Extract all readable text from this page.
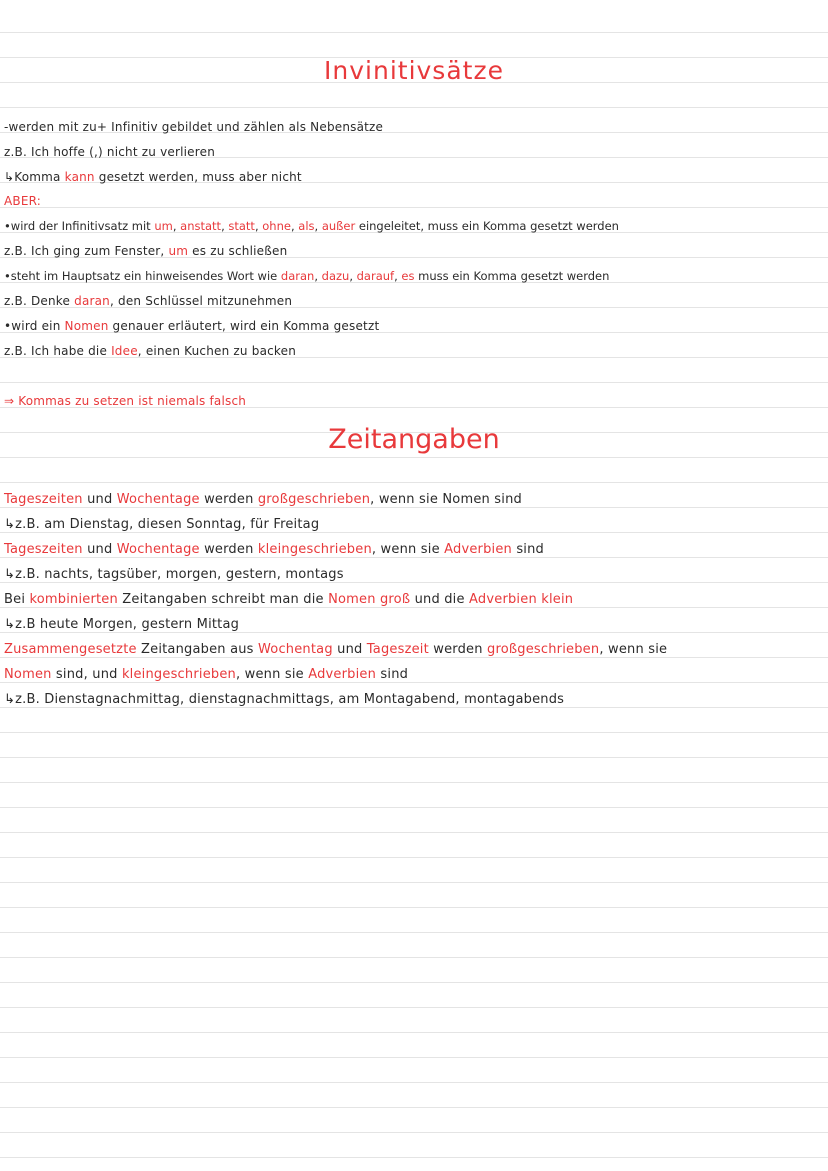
Invinitivsätze
-werden mit zu+ Infinitiv gebildet und zählen als Nebensätze
z.B. Ich hoffe (,) nicht zu verlieren
↳Komma kann gesetzt werden, muss aber nicht
ABER:
•wird der Infinitivsatz mit um, anstatt, statt, ohne, als, außer eingeleitet, muss ein Komma gesetzt werden
z.B. Ich ging zum Fenster, um es zu schließen
•steht im Hauptsatz ein hinweisendes Wort wie daran, dazu, darauf, es muss ein Komma gesetzt werden
z.B. Denke daran, den Schlüssel mitzunehmen
•wird ein Nomen genauer erläutert, wird ein Komma gesetzt
z.B. Ich habe die Idee, einen Kuchen zu backen
⇒ Kommas zu setzen ist niemals falsch
Zeitangaben
Tageszeiten und Wochentage werden großgeschrieben, wenn sie Nomen sind
↳z.B. am Dienstag, diesen Sonntag, für Freitag
Tageszeiten und Wochentage werden kleingeschrieben, wenn sie Adverbien sind
↳z.B. nachts, tagsüber, morgen, gestern, montags
Bei kombinierten Zeitangaben schreibt man die Nomen groß und die Adverbien klein
↳z.B heute Morgen, gestern Mittag
Zusammengesetzte Zeitangaben aus Wochentag und Tageszeit werden großgeschrieben, wenn sie
Nomen sind, und kleingeschrieben, wenn sie Adverbien sind
↳z.B. Dienstagnachmittag, dienstagnachmittags, am Montagabend, montagabends
